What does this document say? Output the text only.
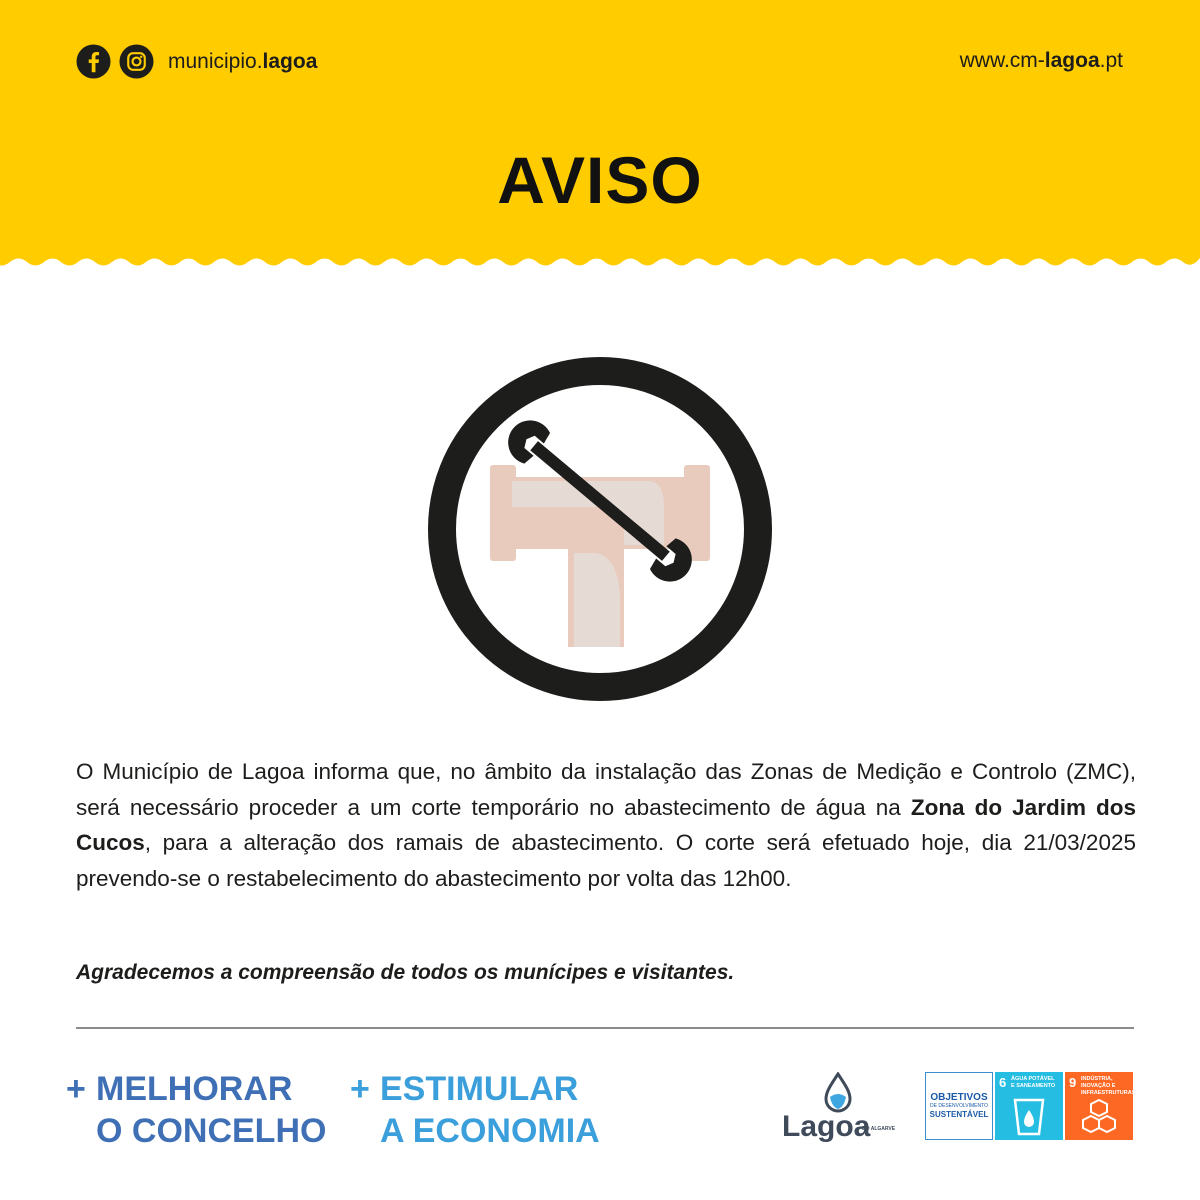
municipio.lagoa	www.cm-lagoa.pt
AVISO
O Município de Lagoa informa que, no âmbito da instalação das Zonas de Medição e Controlo (ZMC), será necessário proceder a um corte temporário no abastecimento de água na Zona do Jardim dos Cucos, para a alteração dos ramais de abastecimento. O corte será efetuado hoje, dia 21/03/2025 prevendo-se o restabelecimento do abastecimento por volta das 12h00.
Agradecemos a compreensão de todos os munícipes e visitantes.
+ MELHORAR
O CONCELHO
+ ESTIMULAR
A ECONOMIA	Lagoa
DO ALGARVE
OBJETIVOS
DE DESENVOLVIMENTO
SUSTENTÁVEL
6 ÁGUA POTÁVEL E SANEAMENTO 9 INDÚSTRIA, INOVAÇÃO E INFRAESTRUTURAS
